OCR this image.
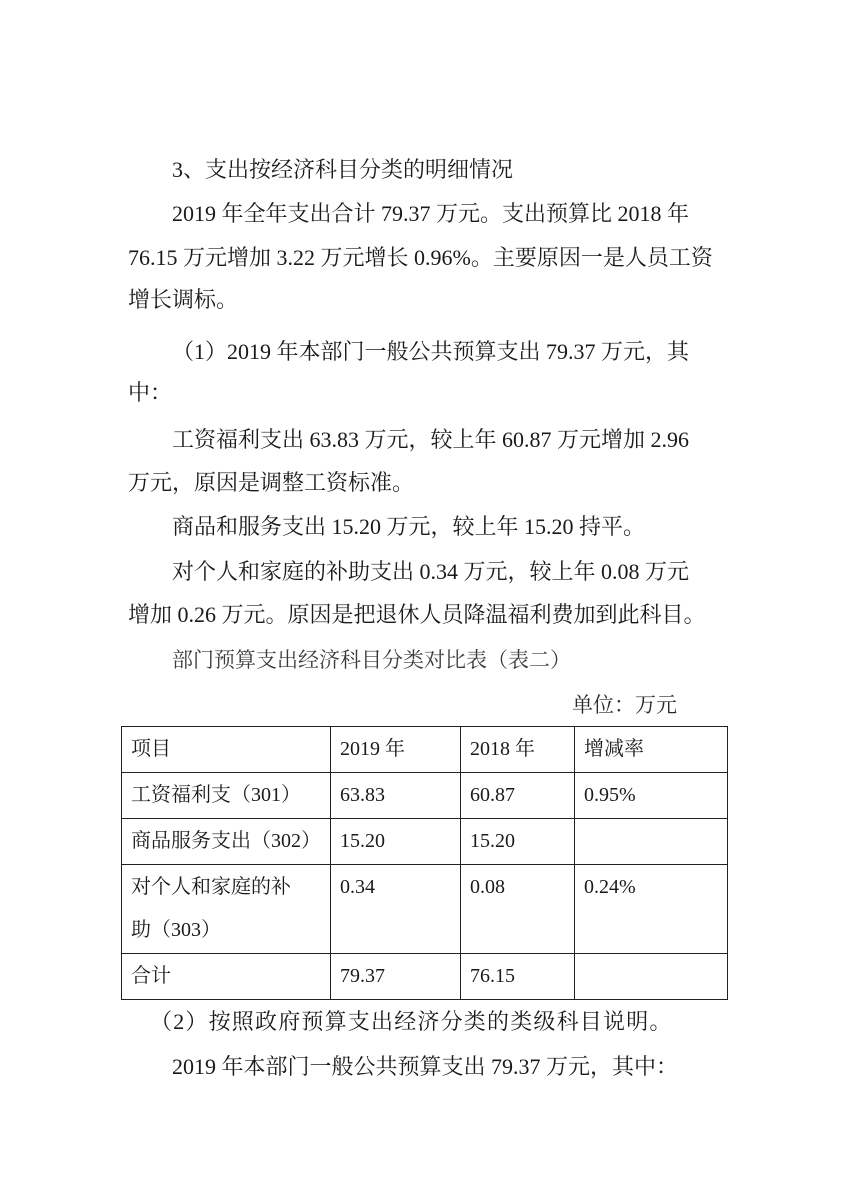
3、支出按经济科目分类的明细情况
2019 年全年支出合计 79.37 万元。支出预算比 2018 年
76.15 万元增加 3.22 万元增长 0.96%。主要原因一是人员工资
增长调标。
（1）2019 年本部门一般公共预算支出 79.37 万元，其
中：
工资福利支出 63.83 万元，较上年 60.87 万元增加 2.96
万元，原因是调整工资标准。
商品和服务支出 15.20 万元，较上年 15.20 持平。
对个人和家庭的补助支出 0.34 万元，较上年 0.08 万元
增加 0.26 万元。原因是把退休人员降温福利费加到此科目。
部门预算支出经济科目分类对比表（表二）
单位：万元
项目	2019 年	2018 年	增减率
工资福利支（301）	63.83	60.87	0.95%
商品服务支出（302）	15.20	15.20	
对个人和家庭的补助（303）	0.34	0.08	0.24%
合计	79.37	76.15	
（2）按照政府预算支出经济分类的类级科目说明。
2019 年本部门一般公共预算支出 79.37 万元，其中：
